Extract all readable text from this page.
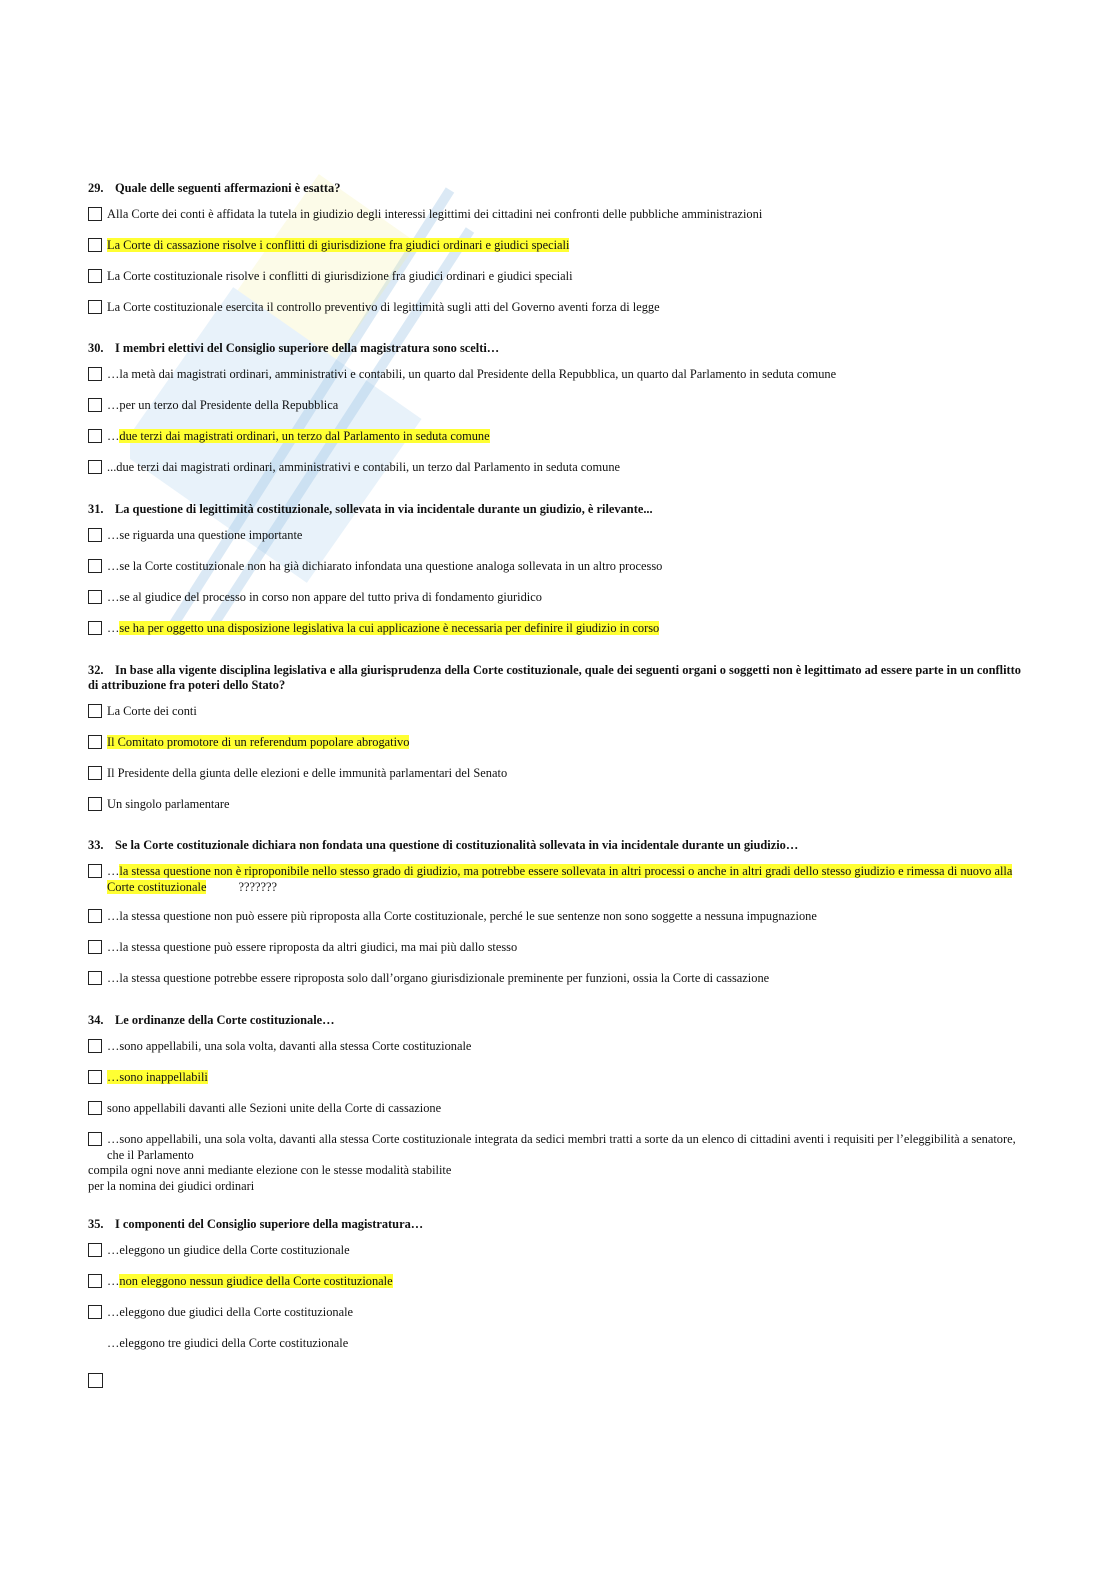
29. Quale delle seguenti affermazioni è esatta?
Alla Corte dei conti è affidata la tutela in giudizio degli interessi legittimi dei cittadini nei confronti delle pubbliche amministrazioni
La Corte di cassazione risolve i conflitti di giurisdizione fra giudici ordinari e giudici speciali
La Corte costituzionale risolve i conflitti di giurisdizione fra giudici ordinari e giudici speciali
La Corte costituzionale esercita il controllo preventivo di legittimità sugli atti del Governo aventi forza di legge
30. I membri elettivi del Consiglio superiore della magistratura sono scelti…
…la metà dai magistrati ordinari, amministrativi e contabili, un quarto dal Presidente della Repubblica, un quarto dal Parlamento in seduta comune
…per un terzo dal Presidente della Repubblica
…due terzi dai magistrati ordinari, un terzo dal Parlamento in seduta comune
...due terzi dai magistrati ordinari, amministrativi e contabili, un terzo dal Parlamento in seduta comune
31. La questione di legittimità costituzionale, sollevata in via incidentale durante un giudizio, è rilevante...
…se riguarda una questione importante
…se la Corte costituzionale non ha già dichiarato infondata una questione analoga sollevata in un altro processo
…se al giudice del processo in corso non appare del tutto priva di fondamento giuridico
…se ha per oggetto una disposizione legislativa la cui applicazione è necessaria per definire il giudizio in corso
32. In base alla vigente disciplina legislativa e alla giurisprudenza della Corte costituzionale, quale dei seguenti organi o soggetti non è legittimato ad essere parte in un conflitto di attribuzione fra poteri dello Stato?
La Corte dei conti
Il Comitato promotore di un referendum popolare abrogativo
Il Presidente della giunta delle elezioni e delle immunità parlamentari del Senato
Un singolo parlamentare
33. Se la Corte costituzionale dichiara non fondata una questione di costituzionalità sollevata in via incidentale durante un giudizio…
…la stessa questione non è riproponibile nello stesso grado di giudizio, ma potrebbe essere sollevata in altri processi o anche in altri gradi dello stesso giudizio e rimessa di nuovo alla Corte costituzionale	???????
…la stessa questione non può essere più riproposta alla Corte costituzionale, perché le sue sentenze non sono soggette a nessuna impugnazione
…la stessa questione può essere riproposta da altri giudici, ma mai più dallo stesso
…la stessa questione potrebbe essere riproposta solo dall’organo giurisdizionale preminente per funzioni, ossia la Corte di cassazione
34. Le ordinanze della Corte costituzionale…
…sono appellabili, una sola volta, davanti alla stessa Corte costituzionale
…sono inappellabili
sono appellabili davanti alle Sezioni unite della Corte di cassazione
…sono appellabili, una sola volta, davanti alla stessa Corte costituzionale integrata da sedici membri tratti a sorte da un elenco di cittadini aventi i requisiti per l’eleggibilità a senatore, che il Parlamento
compila ogni nove anni mediante elezione con le stesse modalità stabilite
per la nomina dei giudici ordinari
35. I componenti del Consiglio superiore della magistratura…
…eleggono un giudice della Corte costituzionale
…non eleggono nessun giudice della Corte costituzionale
…eleggono due giudici della Corte costituzionale
…eleggono tre giudici della Corte costituzionale
